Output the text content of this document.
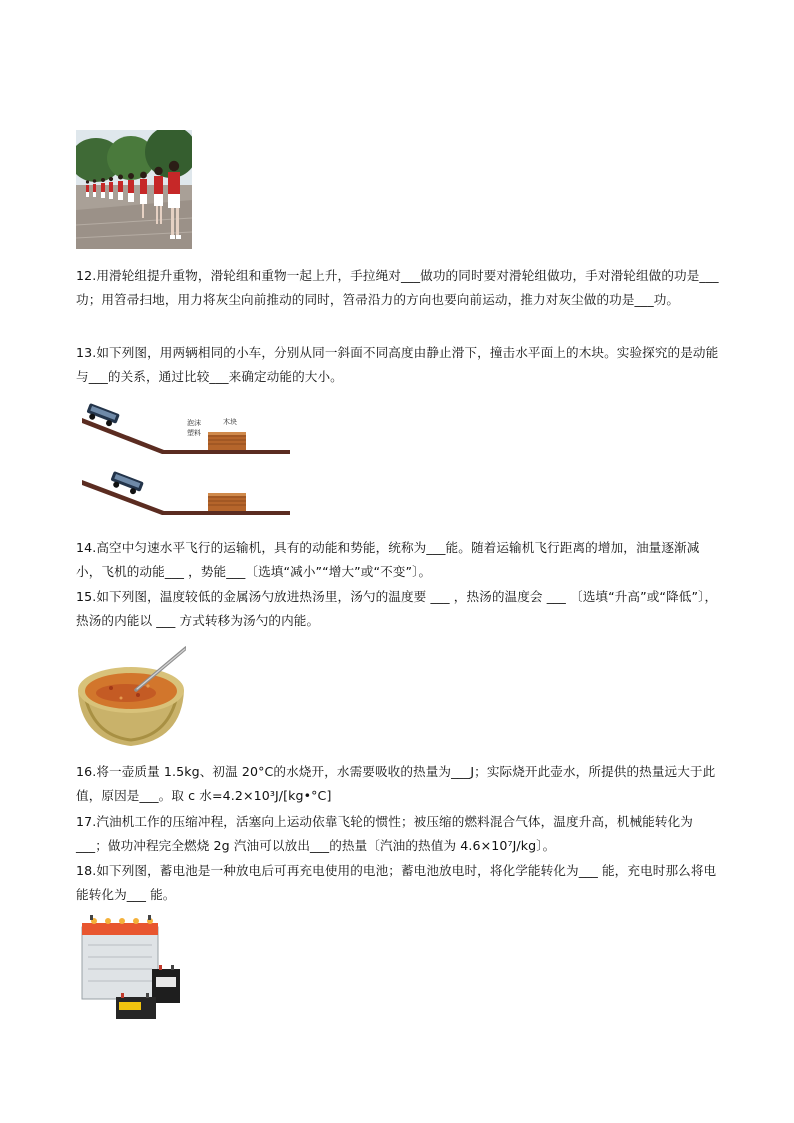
12.用滑轮组提升重物，滑轮组和重物一起上升，手拉绳对___做功的同时要对滑轮组做功，手对滑轮组做的功是___功；用笤帚扫地，用力将灰尘向前推动的同时，笤帚沿力的方向也要向前运动，推力对灰尘做的功是___功。
13.如下列图，用两辆相同的小车，分别从同一斜面不同高度由静止滑下，撞击水平面上的木块。实验探究的是动能与___的关系，通过比较___来确定动能的大小。
泡沫
塑料
木块
14.高空中匀速水平飞行的运输机，具有的动能和势能，统称为___能。随着运输机飞行距离的增加，油量逐渐减小，飞机的动能___ ，势能___〔选填“减小”“增大”或“不变”〕。
15.如下列图，温度较低的金属汤勺放进热汤里，汤勺的温度要 ___ ，热汤的温度会 ___ 〔选填“升高”或“降低”〕，热汤的内能以 ___ 方式转移为汤勺的内能。
16.将一壶质量 1.5kg、初温 20°C的水烧开，水需要吸收的热量为___J；实际烧开此壶水，所提供的热量远大于此值，原因是___。取 c 水=4.2×10³J/[kg•°C]
17.汽油机工作的压缩冲程，活塞向上运动依靠飞轮的惯性；被压缩的燃料混合气体，温度升高，机械能转化为___；做功冲程完全燃烧 2g 汽油可以放出___的热量〔汽油的热值为 4.6×10⁷J/kg〕。
18.如下列图，蓄电池是一种放电后可再充电使用的电池；蓄电池放电时，将化学能转化为___ 能，充电时那么将电能转化为___ 能。
